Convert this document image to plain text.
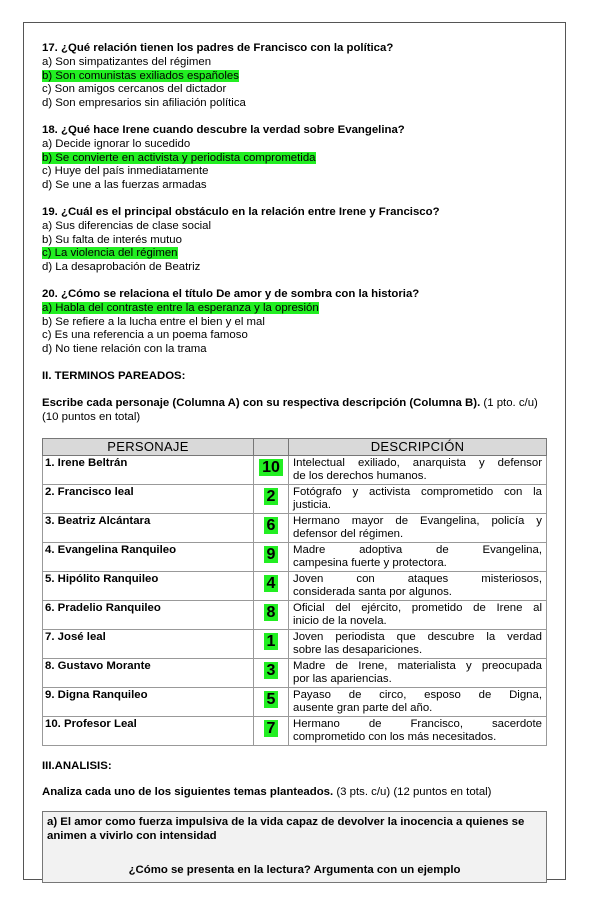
17. ¿Qué relación tienen los padres de Francisco con la política?
a) Son simpatizantes del régimen
b) Son comunistas exiliados españoles
c) Son amigos cercanos del dictador
d) Son empresarios sin afiliación política
18. ¿Qué hace Irene cuando descubre la verdad sobre Evangelina?
a) Decide ignorar lo sucedido
b) Se convierte en activista y periodista comprometida
c) Huye del país inmediatamente
d) Se une a las fuerzas armadas
19. ¿Cuál es el principal obstáculo en la relación entre Irene y Francisco?
a) Sus diferencias de clase social
b) Su falta de interés mutuo
c) La violencia del régimen
d) La desaprobación de Beatriz
20. ¿Cómo se relaciona el título De amor y de sombra con la historia?
a) Habla del contraste entre la esperanza y la opresión
b) Se refiere a la lucha entre el bien y el mal
c) Es una referencia a un poema famoso
d) No tiene relación con la trama
II. TERMINOS PAREADOS:
Escribe cada personaje (Columna A) con su respectiva descripción (Columna B). (1 pto. c/u) (10 puntos en total)
PERSONAJE		DESCRIPCIÓN
1. Irene Beltrán	10	Intelectual exiliado, anarquista y defensor
de los derechos humanos.

2. Francisco leal	2	Fotógrafo y activista comprometido con la
justicia.

3. Beatriz Alcántara	6	Hermano mayor de Evangelina, policía y
defensor del régimen.

4. Evangelina Ranquileo	9	Madre adoptiva de Evangelina,
campesina fuerte y protectora.

5. Hipólito Ranquileo	4	Joven con ataques misteriosos,
considerada santa por algunos.

6. Pradelio Ranquileo	8	Oficial del ejército, prometido de Irene al
inicio de la novela.

7. José leal	1	Joven periodista que descubre la verdad
sobre las desapariciones.

8. Gustavo Morante	3	Madre de Irene, materialista y preocupada
por las apariencias.

9. Digna Ranquileo	5	Payaso de circo, esposo de Digna,
ausente gran parte del año.

10. Profesor Leal	7	Hermano de Francisco, sacerdote
comprometido con los más necesitados.
III.ANALISIS:
Analiza cada uno de los siguientes temas planteados. (3 pts. c/u) (12 puntos en total)
a) El amor como fuerza impulsiva de la vida capaz de devolver la inocencia a quienes se animen a vivirlo con intensidad
¿Cómo se presenta en la lectura? Argumenta con un ejemplo
